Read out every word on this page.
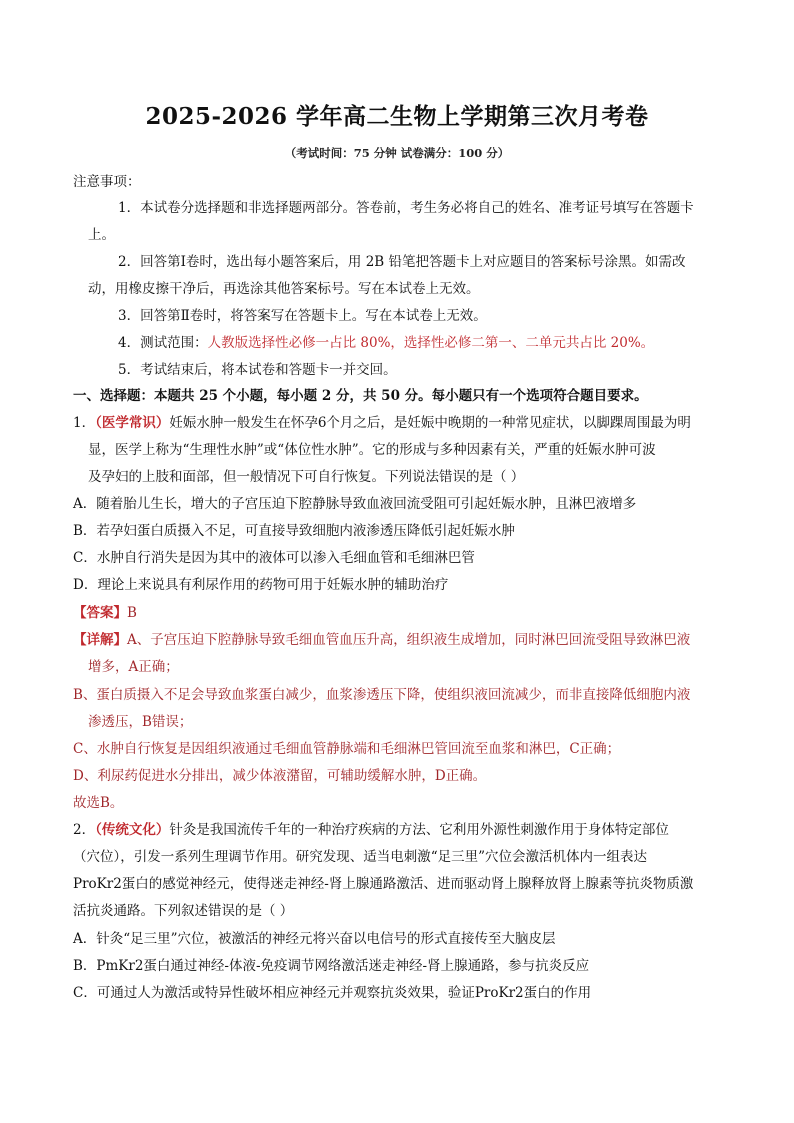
2025-2026 学年高二生物上学期第三次月考卷
（考试时间：75 分钟 试卷满分：100 分）
注意事项：
1．本试卷分选择题和非选择题两部分。答卷前，考生务必将自己的姓名、准考证号填写在答题卡
上。
2．回答第Ⅰ卷时，选出每小题答案后，用 2B 铅笔把答题卡上对应题目的答案标号涂黑。如需改
动，用橡皮擦干净后，再选涂其他答案标号。写在本试卷上无效。
3．回答第Ⅱ卷时，将答案写在答题卡上。写在本试卷上无效。
4．测试范围：人教版选择性必修一占比 80%，选择性必修二第一、二单元共占比 20%。
5．考试结束后，将本试卷和答题卡一并交回。
一、选择题：本题共 25 个小题，每小题 2 分，共 50 分。每小题只有一个选项符合题目要求。
1．（医学常识）妊娠水肿一般发生在怀孕6个月之后，是妊娠中晚期的一种常见症状，以脚踝周围最为明
显，医学上称为“生理性水肿”或“体位性水肿”。它的形成与多种因素有关，严重的妊娠水肿可波
及孕妇的上肢和面部，但一般情况下可自行恢复。下列说法错误的是（ ）
A．随着胎儿生长，增大的子宫压迫下腔静脉导致血液回流受阻可引起妊娠水肿，且淋巴液增多
B．若孕妇蛋白质摄入不足，可直接导致细胞内液渗透压降低引起妊娠水肿
C．水肿自行消失是因为其中的液体可以渗入毛细血管和毛细淋巴管
D．理论上来说具有利尿作用的药物可用于妊娠水肿的辅助治疗
【答案】B
【详解】A、子宫压迫下腔静脉导致毛细血管血压升高，组织液生成增加，同时淋巴回流受阻导致淋巴液
增多，A正确；
B、蛋白质摄入不足会导致血浆蛋白减少，血浆渗透压下降，使组织液回流减少，而非直接降低细胞内液
渗透压，B错误；
C、水肿自行恢复是因组织液通过毛细血管静脉端和毛细淋巴管回流至血浆和淋巴，C正确；
D、利尿药促进水分排出，减少体液潴留，可辅助缓解水肿，D正确。
故选B。
2．（传统文化）针灸是我国流传千年的一种治疗疾病的方法、它利用外源性刺激作用于身体特定部位
（穴位），引发一系列生理调节作用。研究发现、适当电刺激“足三里”穴位会激活机体内一组表达
ProKr2蛋白的感觉神经元，使得迷走神经-肾上腺通路激活、进而驱动肾上腺释放肾上腺素等抗炎物质激
活抗炎通路。下列叙述错误的是（ ）
A．针灸“足三里”穴位，被激活的神经元将兴奋以电信号的形式直接传至大脑皮层
B．PmKr2蛋白通过神经-体液-免疫调节网络激活迷走神经-肾上腺通路，参与抗炎反应
C．可通过人为激活或特异性破坏相应神经元并观察抗炎效果，验证ProKr2蛋白的作用
